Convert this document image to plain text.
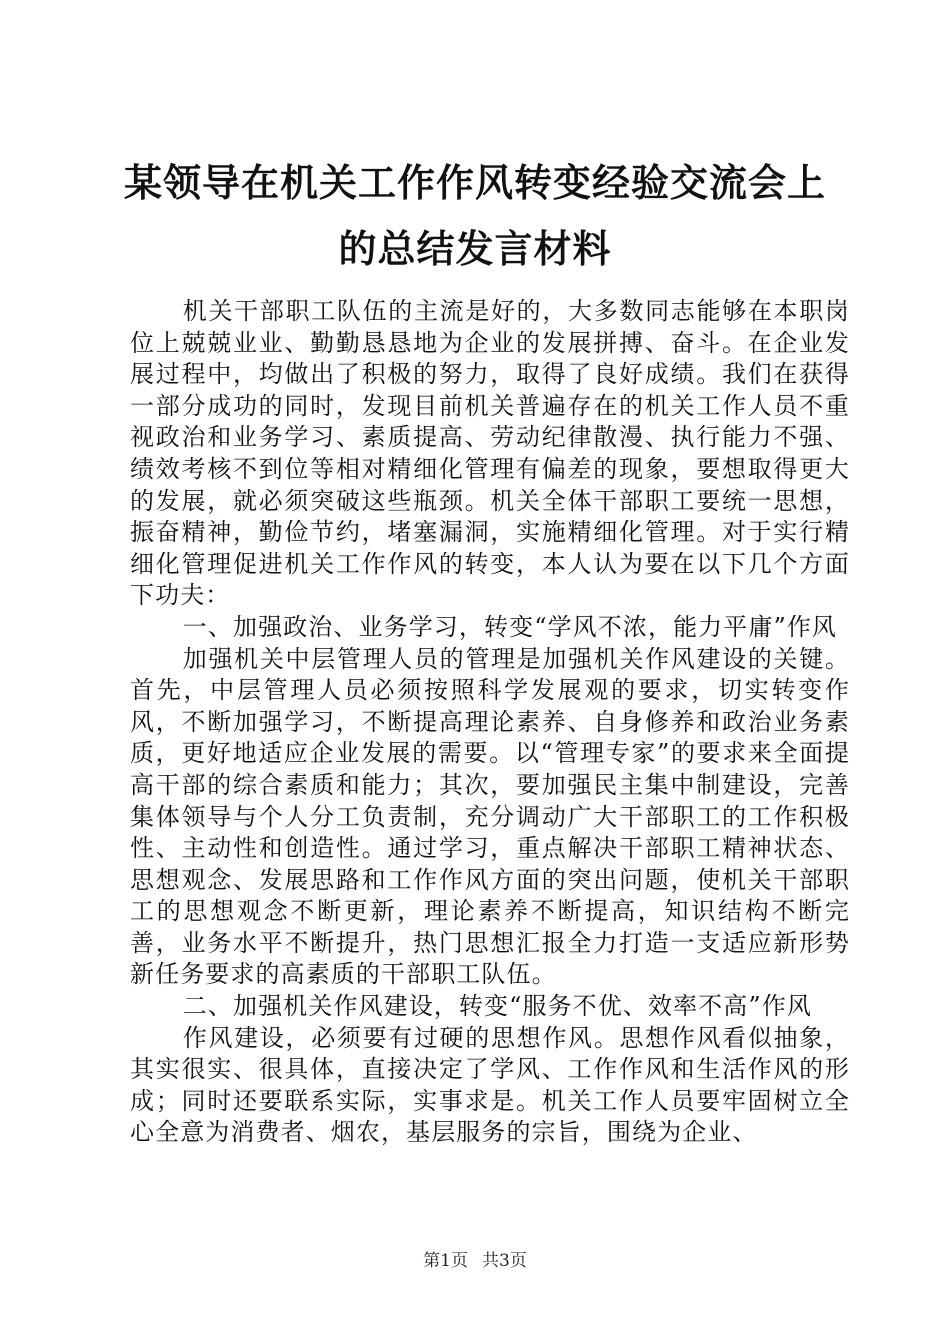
某领导在机关工作作风转变经验交流会上的总结发言材料

机关干部职工队伍的主流是好的，大多数同志能够在本职岗位上兢兢业业、勤勤恳恳地为企业的发展拼搏、奋斗。在企业发展过程中，均做出了积极的努力，取得了良好成绩。我们在获得一部分成功的同时，发现目前机关普遍存在的机关工作人员不重视政治和业务学习、素质提高、劳动纪律散漫、执行能力不强、绩效考核不到位等相对精细化管理有偏差的现象，要想取得更大的发展，就必须突破这些瓶颈。机关全体干部职工要统一思想，振奋精神，勤俭节约，堵塞漏洞，实施精细化管理。对于实行精细化管理促进机关工作作风的转变，本人认为要在以下几个方面下功夫：

一、加强政治、业务学习，转变“学风不浓，能力平庸”作风

加强机关中层管理人员的管理是加强机关作风建设的关键。首先，中层管理人员必须按照科学发展观的要求，切实转变作风，不断加强学习，不断提高理论素养、自身修养和政治业务素质，更好地适应企业发展的需要。以“管理专家”的要求来全面提高干部的综合素质和能力；其次，要加强民主集中制建设，完善集体领导与个人分工负责制，充分调动广大干部职工的工作积极性、主动性和创造性。通过学习，重点解决干部职工精神状态、思想观念、发展思路和工作作风方面的突出问题，使机关干部职工的思想观念不断更新，理论素养不断提高，知识结构不断完善，业务水平不断提升，热门思想汇报全力打造一支适应新形势新任务要求的高素质的干部职工队伍。

二、加强机关作风建设，转变“服务不优、效率不高”作风

作风建设，必须要有过硬的思想作风。思想作风看似抽象，其实很实、很具体，直接决定了学风、工作作风和生活作风的形成；同时还要联系实际，实事求是。机关工作人员要牢固树立全心全意为消费者、烟农，基层服务的宗旨，围绕为企业、

第1页 共3页
